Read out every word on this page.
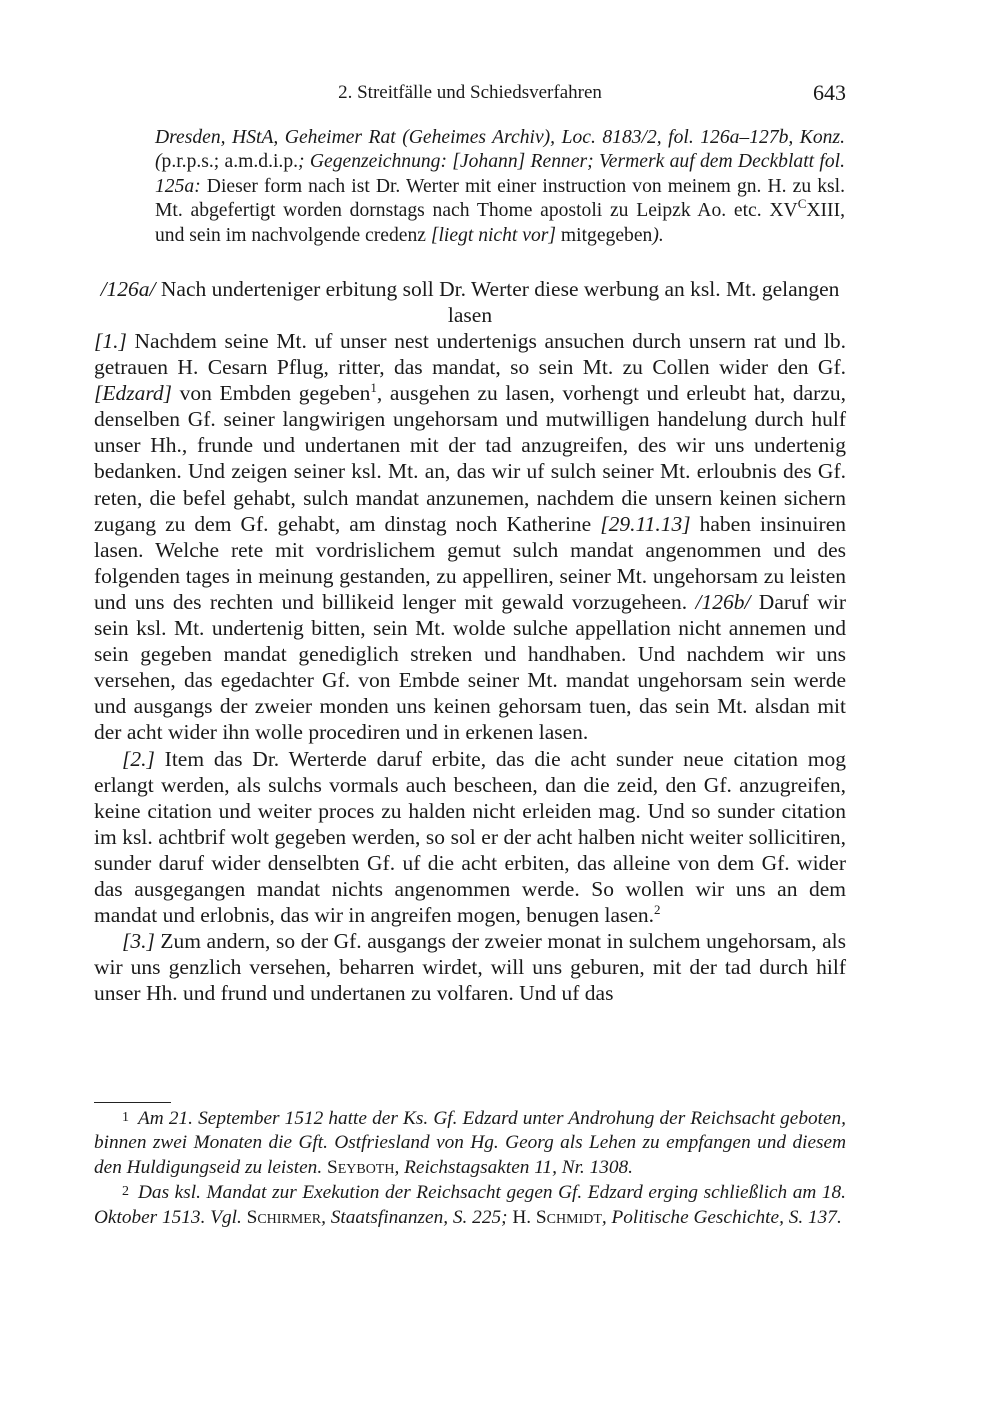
2. Streitfälle und Schiedsverfahren	643
Dresden, HStA, Geheimer Rat (Geheimes Archiv), Loc. 8183/2, fol. 126a–127b, Konz. (p.r.p.s.; a.m.d.i.p.; Gegenzeichnung: [Johann] Renner; Vermerk auf dem Deckblatt fol. 125a: Dieser form nach ist Dr. Werter mit einer instruction von meinem gn. H. zu ksl. Mt. abgefertigt worden dornstags nach Thome apostoli zu Leipzk Ao. etc. $XV^CXIII$, und sein im nachvolgende credenz [liegt nicht vor] mitgegeben).
/126a/ Nach underteniger erbitung soll Dr. Werter diese werbung an ksl. Mt. gelangen lasen

[1.] Nachdem seine Mt. uf unser nest undertenigs ansuchen durch unsern rat und lb. getrauen H. Cesarn Pflug, ritter, das mandat, so sein Mt. zu Collen wider den Gf. [Edzard] von Embden gegeben$^1$, ausgehen zu lasen, vorhengt und erleubt hat, darzu, denselben Gf. seiner langwirigen ungehorsam und mutwilligen handelung durch hulf unser Hh., frunde und undertanen mit der tad anzugreifen, des wir uns undertenig bedanken. Und zeigen seiner ksl. Mt. an, das wir uf sulch seiner Mt. erloubnis des Gf. reten, die befel gehabt, sulch mandat anzunemen, nachdem die unsern keinen sichern zugang zu dem Gf. gehabt, am dinstag noch Katherine [29.11.13] haben insinuiren lasen. Welche rete mit vordrislichem gemut sulch mandat angenommen und des folgenden tages in meinung gestanden, zu appelliren, seiner Mt. ungehorsam zu leisten und uns des rechten und billikeid lenger mit gewald vorzugeheen. /126b/ Daruf wir sein ksl. Mt. undertenig bitten, sein Mt. wolde sulche appellation nicht annemen und sein gegeben mandat genediglich streken und handhaben. Und nachdem wir uns versehen, das egedachter Gf. von Embde seiner Mt. mandat ungehorsam sein werde und ausgangs der zweier monden uns keinen gehorsam tuen, das sein Mt. alsdan mit der acht wider ihn wolle procediren und in erkenen lasen.

[2.] Item das Dr. Werterde daruf erbite, das die acht sunder neue citation mog erlangt werden, als sulchs vormals auch bescheen, dan die zeid, den Gf. anzugreifen, keine citation und weiter proces zu halden nicht erleiden mag. Und so sunder citation im ksl. achtbrif wolt gegeben werden, so sol er der acht halben nicht weiter sollicitiren, sunder daruf wider denselbten Gf. uf die acht erbiten, das alleine von dem Gf. wider das ausgegangen mandat nichts angenommen werde. So wollen wir uns an dem mandat und erlobnis, das wir in angreifen mogen, benugen lasen.$^2$

[3.] Zum andern, so der Gf. ausgangs der zweier monat in sulchem ungehorsam, als wir uns genzlich versehen, beharren wirdet, will uns geburen, mit der tad durch hilf unser Hh. und frund und undertanen zu volfaren. Und uf das

1 Am 21. September 1512 hatte der Ks. Gf. Edzard unter Androhung der Reichsacht geboten, binnen zwei Monaten die Gft. Ostfriesland von Hg. Georg als Lehen zu empfangen und diesem den Huldigungseid zu leisten. Seyboth, Reichstagsakten 11, Nr. 1308.

2 Das ksl. Mandat zur Exekution der Reichsacht gegen Gf. Edzard erging schließlich am 18. Oktober 1513. Vgl. Schirmer, Staatsfinanzen, S. 225; H. Schmidt, Politische Geschichte, S. 137.
